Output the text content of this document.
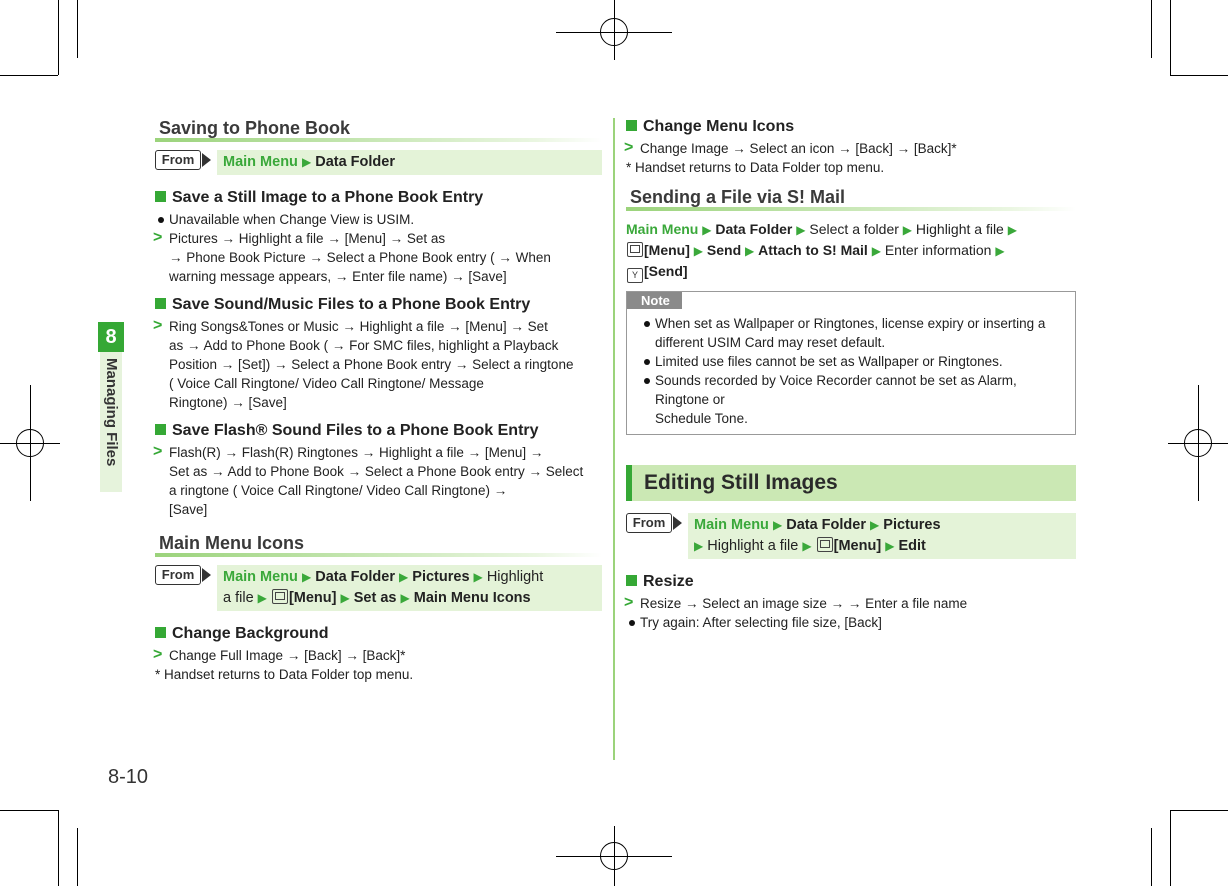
8
Managing Files
8-10
Saving to Phone Book
From	Main Menu ▶ Data Folder
Save a Still Image to a Phone Book Entry
Unavailable when Change View is USIM.
> Pictures → Highlight a file → [Menu] → Set as
→ Phone Book Picture → Select a Phone Book entry ( → When
warning message appears, → Enter file name) → [Save]
Save Sound/Music Files to a Phone Book Entry
> Ring Songs&Tones or Music → Highlight a file → [Menu] → Set
as → Add to Phone Book ( → For SMC files, highlight a Playback
Position → [Set]) → Select a Phone Book entry → Select a ringtone
( Voice Call Ringtone/ Video Call Ringtone/ Message
Ringtone) → [Save]
Save Flash® Sound Files to a Phone Book Entry
> Flash(R) → Flash(R) Ringtones → Highlight a file → [Menu] →
Set as → Add to Phone Book → Select a Phone Book entry → Select
a ringtone ( Voice Call Ringtone/ Video Call Ringtone) →
[Save]
Main Menu Icons
From	Main Menu ▶ Data Folder ▶ Pictures ▶ Highlight
a file ▶ [Menu] ▶ Set as ▶ Main Menu Icons
Change Background
> Change Full Image → [Back] → [Back]*
* Handset returns to Data Folder top menu.
Change Menu Icons
> Change Image → Select an icon → [Back] → [Back]*
* Handset returns to Data Folder top menu.
Sending a File via S! Mail
Main Menu ▶ Data Folder ▶ Select a folder ▶ Highlight a file ▶
[Menu] ▶ Send ▶ Attach to S! Mail ▶ Enter information ▶
Y [Send]
Note
When set as Wallpaper or Ringtones, license expiry or inserting a
different USIM Card may reset default.
Limited use files cannot be set as Wallpaper or Ringtones.
Sounds recorded by Voice Recorder cannot be set as Alarm, Ringtone or
Schedule Tone.
Editing Still Images
From	Main Menu ▶ Data Folder ▶ Pictures
▶ Highlight a file ▶ [Menu] ▶ Edit
Resize
> Resize → Select an image size → → Enter a file name
Try again: After selecting file size, [Back]
